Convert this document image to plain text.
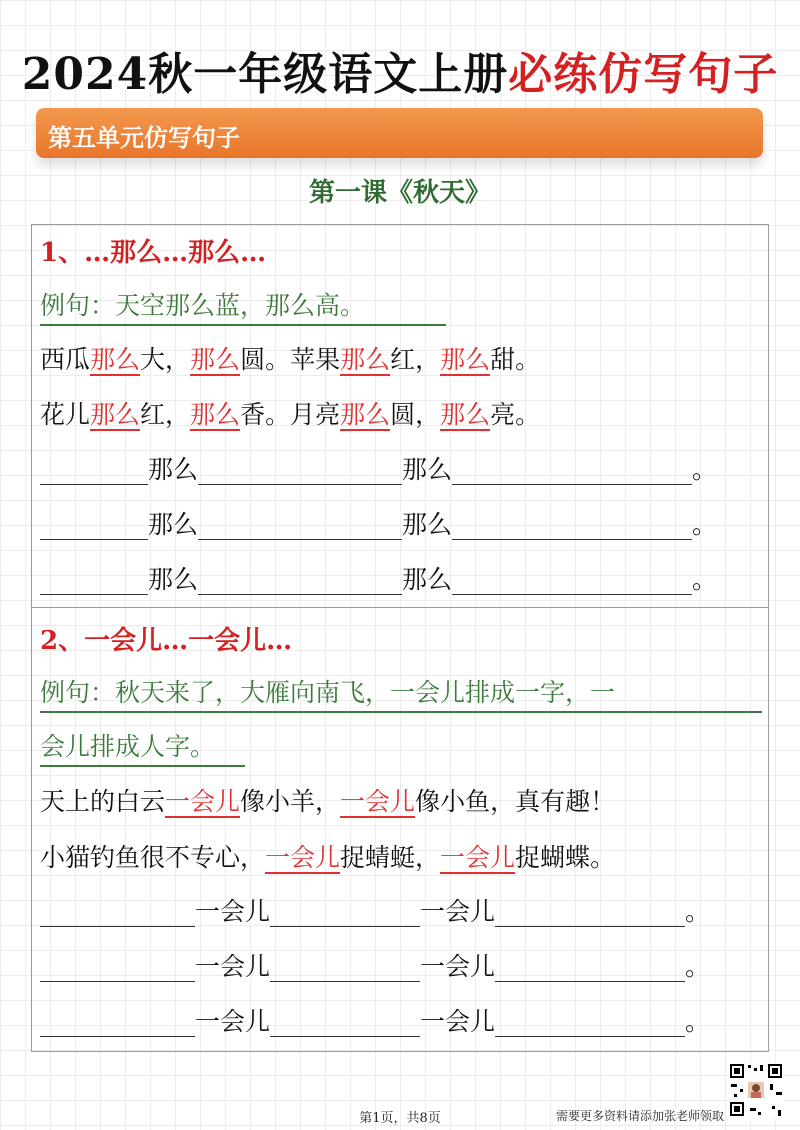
2024秋一年级语文上册必练仿写句子
第五单元仿写句子
第一课《秋天》
1、…那么…那么…
例句：天空那么蓝，那么高。
西瓜那么大，那么圆。苹果那么红，那么甜。
花儿那么红，那么香。月亮那么圆，那么亮。
那么	那么	。
那么	那么	。
那么	那么	。
2、一会儿…一会儿…
例句：秋天来了，大雁向南飞，一会儿排成一字，一
会儿排成人字。
天上的白云一会儿像小羊，一会儿像小鱼，真有趣！
小猫钓鱼很不专心，一会儿捉蜻蜓，一会儿捉蝴蝶。
一会儿	一会儿	。
一会儿	一会儿	。
一会儿	一会儿	。
第1页，共8页	需要更多资料请添加张老师领取
